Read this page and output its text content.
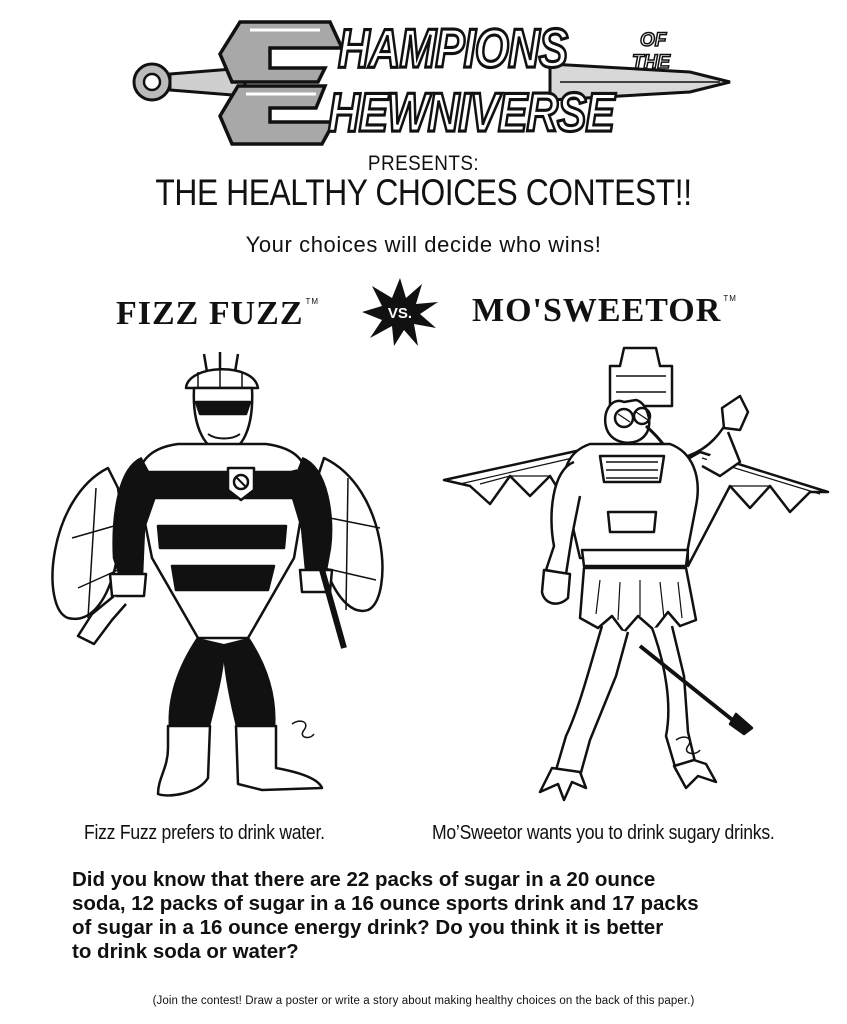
HAMPIONS
HEWNIVERSE
OF
THE
PRESENTS:
THE HEALTHY CHOICES CONTEST!!
Your choices will decide who wins!
FIZZ FUZZ ™
VS. MO'SWEETOR ™
Fizz Fuzz prefers to drink water.	Mo’Sweetor wants you to drink sugary drinks.
Did you know that there are 22 packs of sugar in a 20 ounce
soda, 12 packs of sugar in a 16 ounce sports drink and 17 packs
of sugar in a 16 ounce energy drink? Do you think it is better
to drink soda or water?
(Join the contest! Draw a poster or write a story about making healthy choices on the back of this paper.)
